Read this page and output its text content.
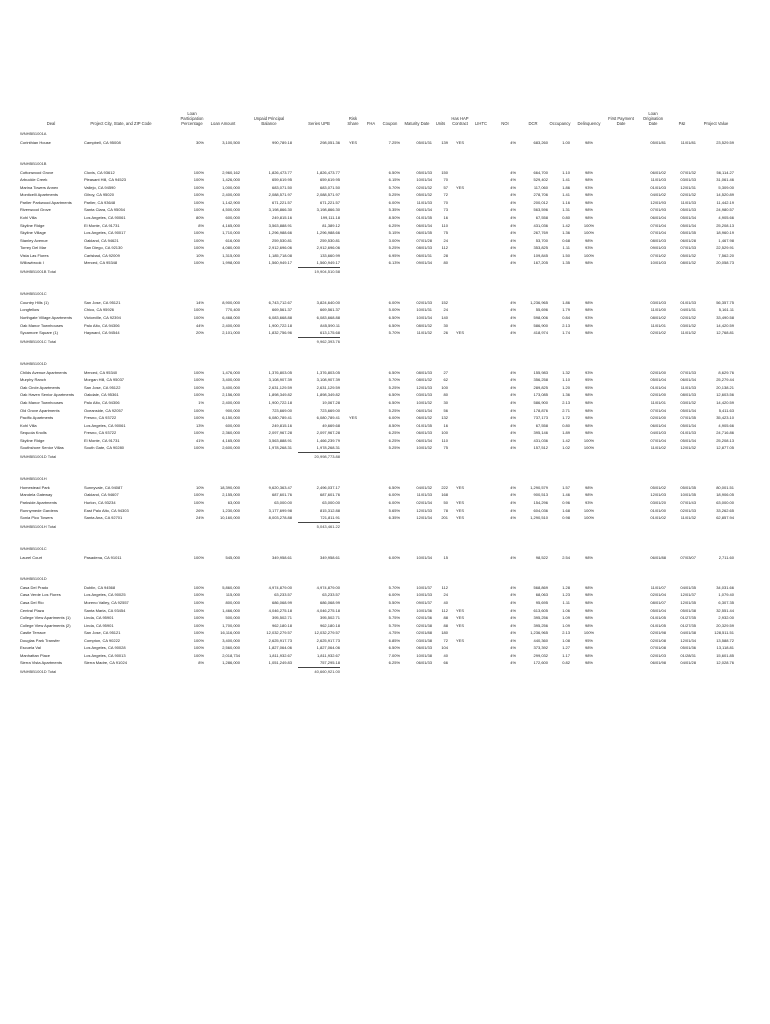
Deal	Project City, State, and ZIP Code
Loan Participation Percentage	Loan Amount
Unpaid Principal Balance	Series UPB
Risk Share	FHA	Coupon	Maturity Date	Units
Has HAP Contract	LIHTC	NOI	DCR	Occupancy	Delinquency
First Payment Date
Loan Origination Date	P&I	Project Value
WNHBB1001A
Corinthian House	Campbell, CA 95008	30%	3,100,500	990,789.18	298,051.36	YES	7.25%	05/01/31	139	YES	4%	683,260	1.00	98%	05/01/81	11/01/81	23,529.59
WNHBB1001B
Cottonwood Grove	Clovis, CA 93612	100%	2,960,162	1,826,473.77	1,826,473.77	6.50%	05/01/33	150	4%	664,700	1.10	98%	06/01/02	07/01/32	56,114.27
Arbuckle Creek	Pleasant Hill, CA 94523	100%	1,426,000	659,619.95	659,619.95	6.15%	10/01/34	70	4%	529,402	1.41	98%	11/01/03	03/01/33	31,061.46
Marina Towers Annex	Vallejo, CA 94590	100%	1,000,000	683,071.50	683,071.50	5.70%	02/01/32	57	YES	4%	117,060	1.86	93%	01/01/03	12/01/31	5,309.00
Monticelli Apartments	Gilroy, CA 95020	100%	2,400,000	2,088,571.97	2,088,571.97	5.25%	05/01/32	72	4%	278,706	1.41	98%	04/01/02	02/01/32	14,520.89
Parlier Parkwood Apartments	Parlier, CA 93648	100%	1,142,900	671,221.57	671,221.57	6.00%	11/01/33	70	4%	200,012	1.16	98%	12/01/93	11/01/33	11,442.19
Riverwood Grove	Santa Clara, CA 95054	100%	4,500,000	3,198,866.30	3,198,866.30	5.35%	06/01/34	73	4%	563,596	1.31	98%	07/01/93	05/01/33	24,980.57
Kohl Villa	Los Angeles, CA 90061	80%	600,000	249,815.16	199,111.18	8.50%	01/01/35	16	4%	67,558	0.80	98%	06/01/04	05/01/34	4,905.66
Skyline Ridge	El Monte, CA 91731	8%	4,165,000	3,563,888.91	81,389.12	6.25%	06/01/34	110	4%	431,036	1.42	100%	07/01/04	05/01/34	25,208.13
Skyline Village	Los Angeles, CA 90017	100%	1,710,000	1,296,988.66	1,296,988.66	5.15%	06/01/35	75	4%	267,769	1.36	100%	07/01/04	05/01/35	18,960.19
Stanley Avenue	Oakland, CA 94621	100%	616,000	259,530.81	259,530.81	3.00%	07/01/28	24	4%	53,700	0.68	98%	08/01/03	06/01/28	1,467.98
Torrey Del Mar	San Diego, CA 92130	100%	4,080,000	2,912,696.06	2,912,696.06	5.25%	08/01/33	112	4%	353,825	1.11	93%	09/01/03	07/01/33	22,529.91
Vista Las Flores	Carlsbad, CA 92009	10%	1,315,000	1,185,718.08	133,660.99	6.95%	06/01/31	28	4%	109,845	1.50	100%	07/01/02	05/01/32	7,562.20
Willowbrook I	Merced, CA 95348	100%	1,998,000	1,560,949.17	1,560,949.17	6.13%	09/01/34	80	4%	167,205	1.35	98%	10/01/03	08/01/32	20,058.73
WNHBB1001B Total	19,904,510.58
WNHBB1001C
Country Hills (1)	San Jose, CA 95121	14%	8,900,000	6,743,712.67	3,824,640.00	6.00%	02/01/33	152	4%	1,236,965	1.86	98%	03/01/03	01/01/33	56,357.75
Longfellow	Chico, CA 95926	100%	770,400	669,561.37	669,561.37	5.00%	10/01/31	24	4%	55,696	1.79	98%	11/01/00	04/01/31	5,161.11
Northgate Village Apartments	Victorville, CA 92394	100%	6,468,000	6,083,668.88	6,083,668.88	6.50%	10/01/34	140	4%	598,006	0.84	93%	08/01/02	02/01/32	33,490.58
Oak Manor Townhouses	Palo Alto, CA 94306	44%	2,400,000	1,900,722.18	845,590.11	6.50%	08/01/32	30	4%	586,900	2.13	98%	11/01/01	03/01/32	14,420.59
Sycamore Square (1)	Hayward, CA 94544	20%	2,101,000	1,832,756.96	613,175.68	5.70%	11/01/32	26	YES	4%	418,974	1.74	98%	02/01/02	11/01/32	12,768.81
WNHBB1001C Total	9,962,393.76
WNHBB1001D
Childs Avenue Apartments	Merced, CA 95340	100%	1,476,000	1,376,803.05	1,376,803.05	6.50%	08/01/33	27	4%	155,983	1.32	93%	02/01/00	07/01/33	8,629.76
Murphy Ranch	Morgan Hill, CA 95037	100%	3,400,000	3,108,907.39	3,108,907.39	5.70%	08/01/32	62	4%	356,258	1.10	95%	05/01/04	06/01/34	25,279.44
Oak Circle Apartments	San Jose, CA 95122	100%	3,400,000	2,631,129.59	2,631,129.59	5.25%	12/01/33	100	4%	289,825	1.20	95%	01/01/04	11/01/33	20,138.21
Oak Haven Senior Apartments	Oakdale, CA 95361	100%	2,156,000	1,898,349.82	1,898,349.82	6.50%	03/01/33	80	4%	173,085	1.36	98%	02/01/00	08/01/33	12,603.56
Oak Manor Townhouses	Palo Alto, CA 94306	1%	2,400,000	1,900,722.18	19,067.28	6.50%	10/01/32	30	4%	586,900	2.13	98%	11/01/01	03/01/32	14,420.59
Old Grove Apartments	Oceanside, CA 92057	100%	900,000	723,669.00	723,669.00	5.25%	06/01/34	56	4%	178,876	2.71	98%	07/01/04	05/01/34	5,411.63
Pacific Apartments	Fresno, CA 93722	100%	6,150,000	6,080,789.41	6,080,789.41	YES	6.00%	06/01/32	132	4%	737,173	1.72	98%	02/01/00	07/01/35	35,423.10
Kohl Villa	Los Angeles, CA 90061	13%	600,000	249,815.16	49,669.68	8.50%	01/01/35	16	4%	67,558	0.80	98%	06/01/04	05/01/34	4,905.66
Sequoia Knolls	Fresno, CA 93722	100%	2,360,000	2,097,967.28	2,097,967.28	6.25%	06/01/33	100	4%	395,146	1.89	98%	04/01/03	01/01/33	24,716.86
Skyline Ridge	El Monte, CA 91731	41%	4,165,000	3,563,888.91	1,466,239.79	6.25%	06/01/34	110	4%	431,036	1.42	100%	07/01/04	05/01/34	25,208.13
Southshore Senior Villas	South Gate, CA 90280	100%	2,600,000	1,978,268.31	1,978,268.31	5.25%	10/01/32	75	4%	157,512	1.02	100%	11/01/02	12/01/32	12,877.05
WNHBB1001D Total	20,998,773.88
WNHBB1001H
Homestead Park	Sunnyvale, CA 94087	10%	18,390,000	9,620,363.47	2,496,037.17	6.50%	04/01/32	222	YES	4%	1,290,579	1.57	98%	05/01/02	05/01/35	80,001.51
Mandela Gateway	Oakland, CA 94607	100%	2,155,000	687,601.76	687,601.76	6.00%	11/01/33	168	4%	900,513	1.46	98%	12/01/03	10/01/35	18,906.05
Parkside Apartments	Hurlon, CA 93234	100%	63,000	63,000.00	63,000.00	6.00%	02/01/34	50	YES	4%	154,296	0.96	93%	03/01/20	07/01/43	63,000.00
Runnymede Gardens	East Palo Alto, CA 94303	26%	1,230,000	3,177,699.98	815,312.88	5.65%	12/01/33	78	YES	4%	604,036	1.68	100%	01/01/00	02/01/33	33,262.65
Sonia Pico Towers	Santa Ana, CA 92701	24%	10,160,000	8,003,278.88	721,811.91	6.35%	12/01/34	201	YES	4%	1,290,510	0.98	100%	01/01/02	11/01/32	62,857.94
WNHBB1001H Total	5,043,461.22
WNHBB1001C
Laurel Court	Pasadena, CA 91011	100%	545,000	349,958.61	349,958.61	6.00%	10/01/34	15	4%	98,522	2.54	98%	06/01/88	07/03/07	2,711.60
WNHBB1001D
Casa Del Prado	Dublin, CA 94568	100%	5,860,000	4,974,879.00	4,974,879.00	5.70%	10/01/37	112	4%	568,869	1.28	98%	11/01/07	04/01/35	34,031.66
Casa Verde Los Flores	Los Angeles, CA 90025	100%	115,000	63,233.57	63,233.57	6.00%	10/01/33	24	4%	68,063	1.23	98%	02/01/04	12/01/37	1,079.40
Casa Del Rio	Moreno Valley, CA 92557	100%	800,000	686,068.99	686,068.99	5.50%	09/01/37	40	4%	95,695	1.11	98%	08/01/07	12/01/35	6,307.35
Central Plaza	Santa Maria, CA 93454	100%	1,466,000	4,046,275.18	4,046,275.18	6.70%	10/01/36	112	YES	4%	613,605	1.06	98%	05/01/04	05/01/38	32,551.44
College View Apartments (1)	Linda, CA 95901	100%	500,000	395,502.71	395,502.71	5.75%	02/01/36	88	YES	4%	395,256	1.09	98%	01/01/05	01/27/35	2,932.00
College View Apartments (2)	Linda, CA 95901	100%	1,700,000	962,180.18	962,180.18	5.75%	02/01/38	88	YES	4%	395,256	1.09	98%	01/01/05	01/27/35	20,329.59
Castle Terrace	San Jose, CA 95121	100%	16,116,000	12,032,279.57	12,032,279.57	4.75%	02/01/88	180	4%	1,236,965	2.13	100%	02/01/98	04/01/38	128,511.51
Douglas Park Transfer	Compton, CA 90222	100%	3,400,000	2,625,917.73	2,625,917.73	6.85%	03/01/38	72	YES	4%	440,360	1.08	95%	02/01/08	12/01/34	13,588.72
Escuela Val	Los Angeles, CA 90028	100%	2,560,000	1,827,064.06	1,827,064.06	6.50%	06/01/33	104	4%	373,392	1.27	98%	07/01/08	05/01/36	13,118.81
Manhattan Place	Los Angeles, CA 90013	100%	2,018,734	1,811,932.67	1,811,932.67	7.00%	10/01/38	40	4%	299,032	1.17	98%	02/01/03	01/28/31	15,601.85
Sierra Vista Apartments	Sierra Madre, CA 91024	8%	1,286,000	1,051,249.83	757,295.18	6.25%	06/01/33	66	4%	172,600	0.82	98%	06/01/98	04/01/28	12,028.76
WNHBB1001D Total	40,660,921.00
